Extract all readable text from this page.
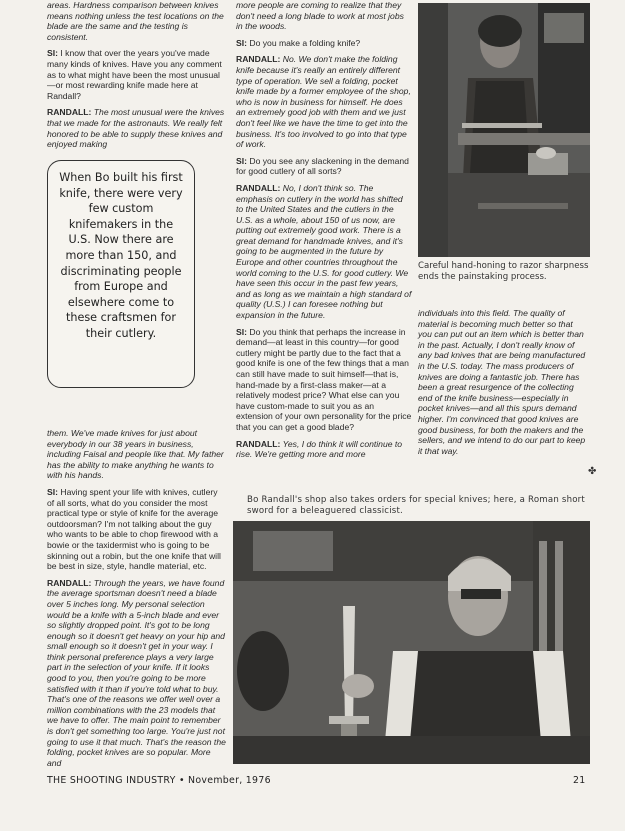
areas. Hardness comparison between knives means nothing unless the test locations on the blade are the same and the testing is consistent.

SI: I know that over the years you've made many kinds of knives. Have you any comment as to what might have been the most unusual—or most rewarding knife made here at Randall?

RANDALL: The most unusual were the knives that we made for the astronauts. We really felt honored to be able to supply these knives and enjoyed making

When Bo built his first knife, there were very few custom knifemakers in the U.S. Now there are more than 150, and discriminating people from Europe and elsewhere come to these craftsmen for their cutlery.

them. We've made knives for just about everybody in our 38 years in business, including Faisal and people like that. My father has the ability to make anything he wants to with his hands.

SI: Having spent your life with knives, cutlery of all sorts, what do you consider the most practical type or style of knife for the average outdoorsman? I'm not talking about the guy who wants to be able to chop firewood with a bowie or the taxidermist who is going to be skinning out a robin, but the one knife that will be best in size, style, handle material, etc.

RANDALL: Through the years, we have found the average sportsman doesn't need a blade over 5 inches long. My personal selection would be a knife with a 5-inch blade and ever so slightly dropped point. It's got to be long enough so it doesn't get heavy on your hip and small enough so it doesn't get in your way. I think personal preference plays a very large part in the selection of your knife. If it looks good to you, then you're going to be more satisfied with it than if you're told what to buy. That's one of the reasons we offer well over a million combinations with the 23 models that we have to offer. The main point to remember is don't get something too large. You're just not going to use it that much. That's the reason the folding, pocket knives are so popular. More and

more people are coming to realize that they don't need a long blade to work at most jobs in the woods.

SI: Do you make a folding knife?

RANDALL: No. We don't make the folding knife because it's really an entirely different type of operation. We sell a folding, pocket knife made by a former employee of the shop, who is now in business for himself. He does an extremely good job with them and we just don't feel like we have the time to get into the business. It's too involved to go into that type of work.

SI: Do you see any slackening in the demand for good cutlery of all sorts?

RANDALL: No, I don't think so. The emphasis on cutlery in the world has shifted to the United States and the cutlers in the U.S. as a whole, about 150 of us now, are putting out extremely good work. There is a great demand for handmade knives, and it's going to be augmented in the future by Europe and other countries throughout the world coming to the U.S. for good cutlery. We have seen this occur in the past few years, and as long as we maintain a high standard of quality (U.S.) I can foresee nothing but expansion in the future.

SI: Do you think that perhaps the increase in demand—at least in this country—for good cutlery might be partly due to the fact that a good knife is one of the few things that a man can still have made to suit himself—that is, hand-made by a first-class maker—at a relatively modest price? What else can you have custom-made to suit you as an extension of your own personality for the price that you can get a good blade?

RANDALL: Yes, I do think it will continue to rise. We're getting more and more

individuals into this field. The quality of material is becoming much better so that you can put out an item which is better than in the past. Actually, I don't really know of any bad knives that are being manufactured in the U.S. today. The mass producers of knives are doing a fantastic job. There has been a great resurgence of the collecting end of the knife business—especially in pocket knives—and all this spurs demand higher. I'm convinced that good knives are good business, for both the makers and the sellers, and we intend to do our part to keep it that way.

✤
Careful hand-honing to razor sharpness ends the painstaking process.
Bo Randall's shop also takes orders for special knives; here, a Roman short sword for a beleaguered classicist.
THE SHOOTING INDUSTRY • November, 1976	21
